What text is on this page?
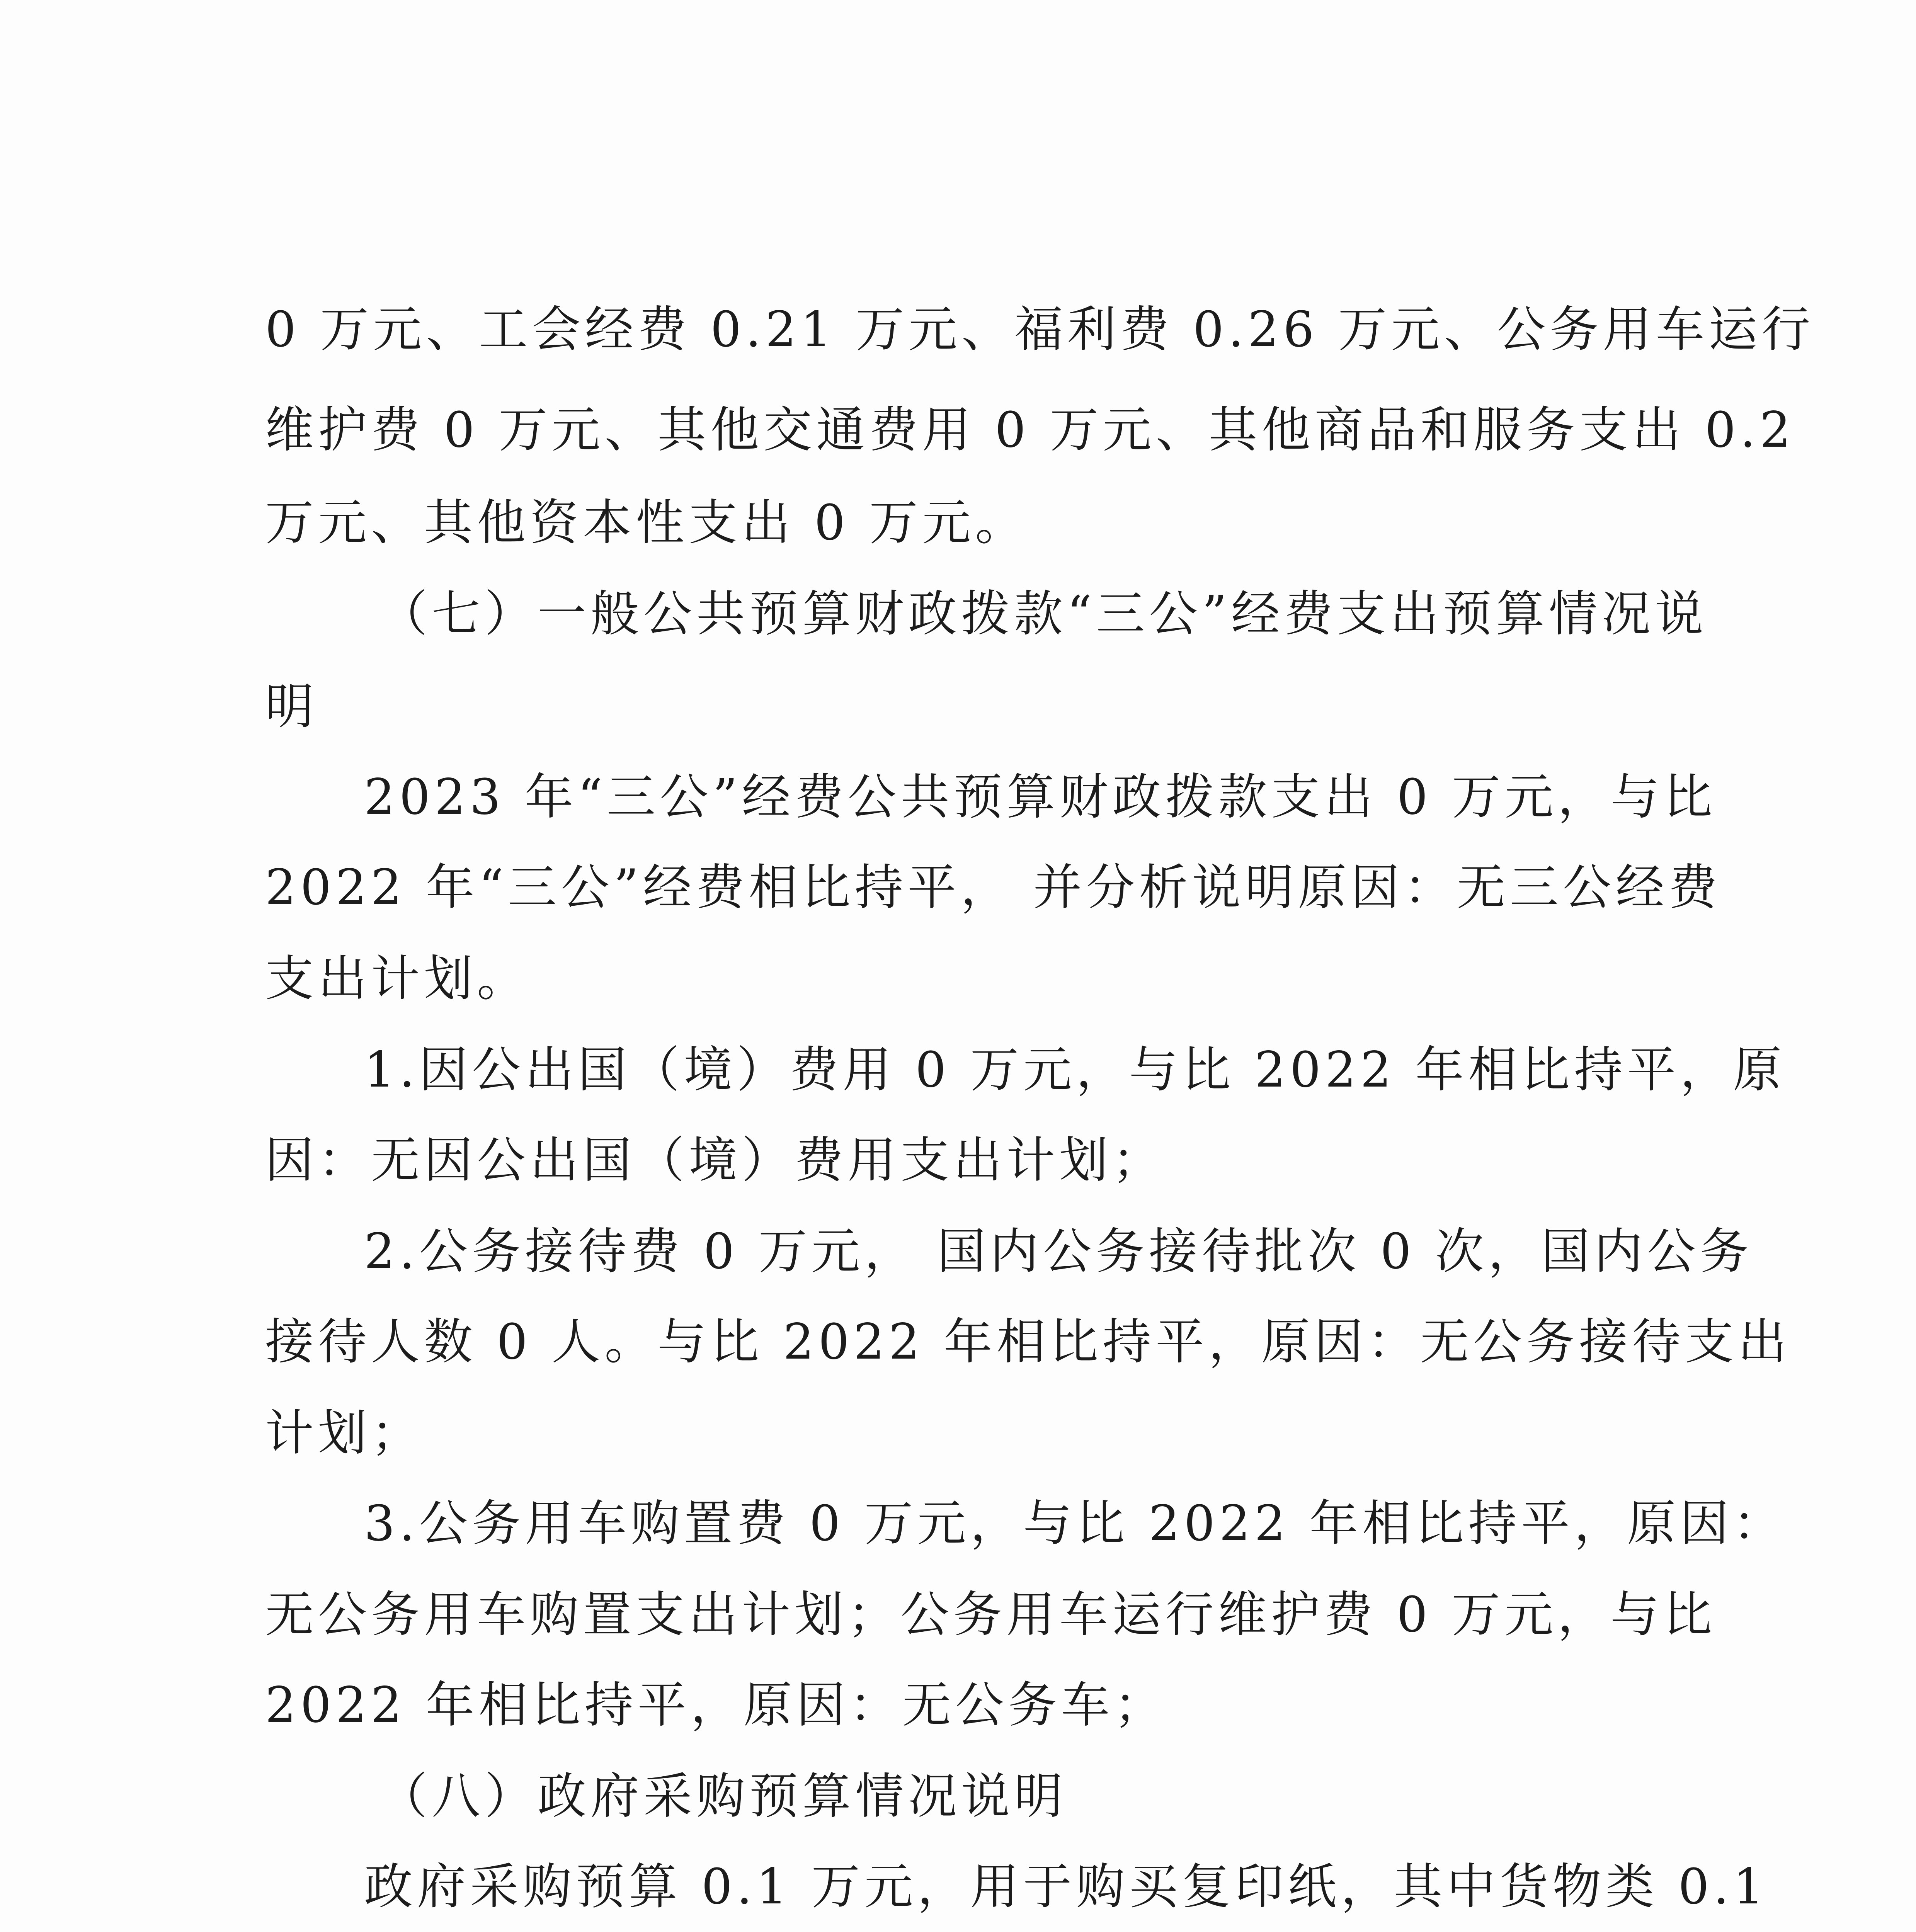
0 万元、工会经费 0.21 万元、福利费 0.26 万元、公务用车运行
维护费 0 万元、其他交通费用 0 万元、其他商品和服务支出 0.2
万元、其他资本性支出 0 万元。
（七）一般公共预算财政拨款“三公”经费支出预算情况说
明
2023 年“三公”经费公共预算财政拨款支出 0 万元，与比
2022 年“三公”经费相比持平， 并分析说明原因：无三公经费
支出计划。
1.因公出国（境）费用 0 万元，与比 2022 年相比持平，原
因：无因公出国（境）费用支出计划；
2.公务接待费 0 万元， 国内公务接待批次 0 次，国内公务
接待人数 0 人。与比 2022 年相比持平，原因：无公务接待支出
计划；
3.公务用车购置费 0 万元，与比 2022 年相比持平，原因：
无公务用车购置支出计划；公务用车运行维护费 0 万元，与比
2022 年相比持平，原因：无公务车；
（八）政府采购预算情况说明
政府采购预算 0.1 万元，用于购买复印纸，其中货物类 0.1
